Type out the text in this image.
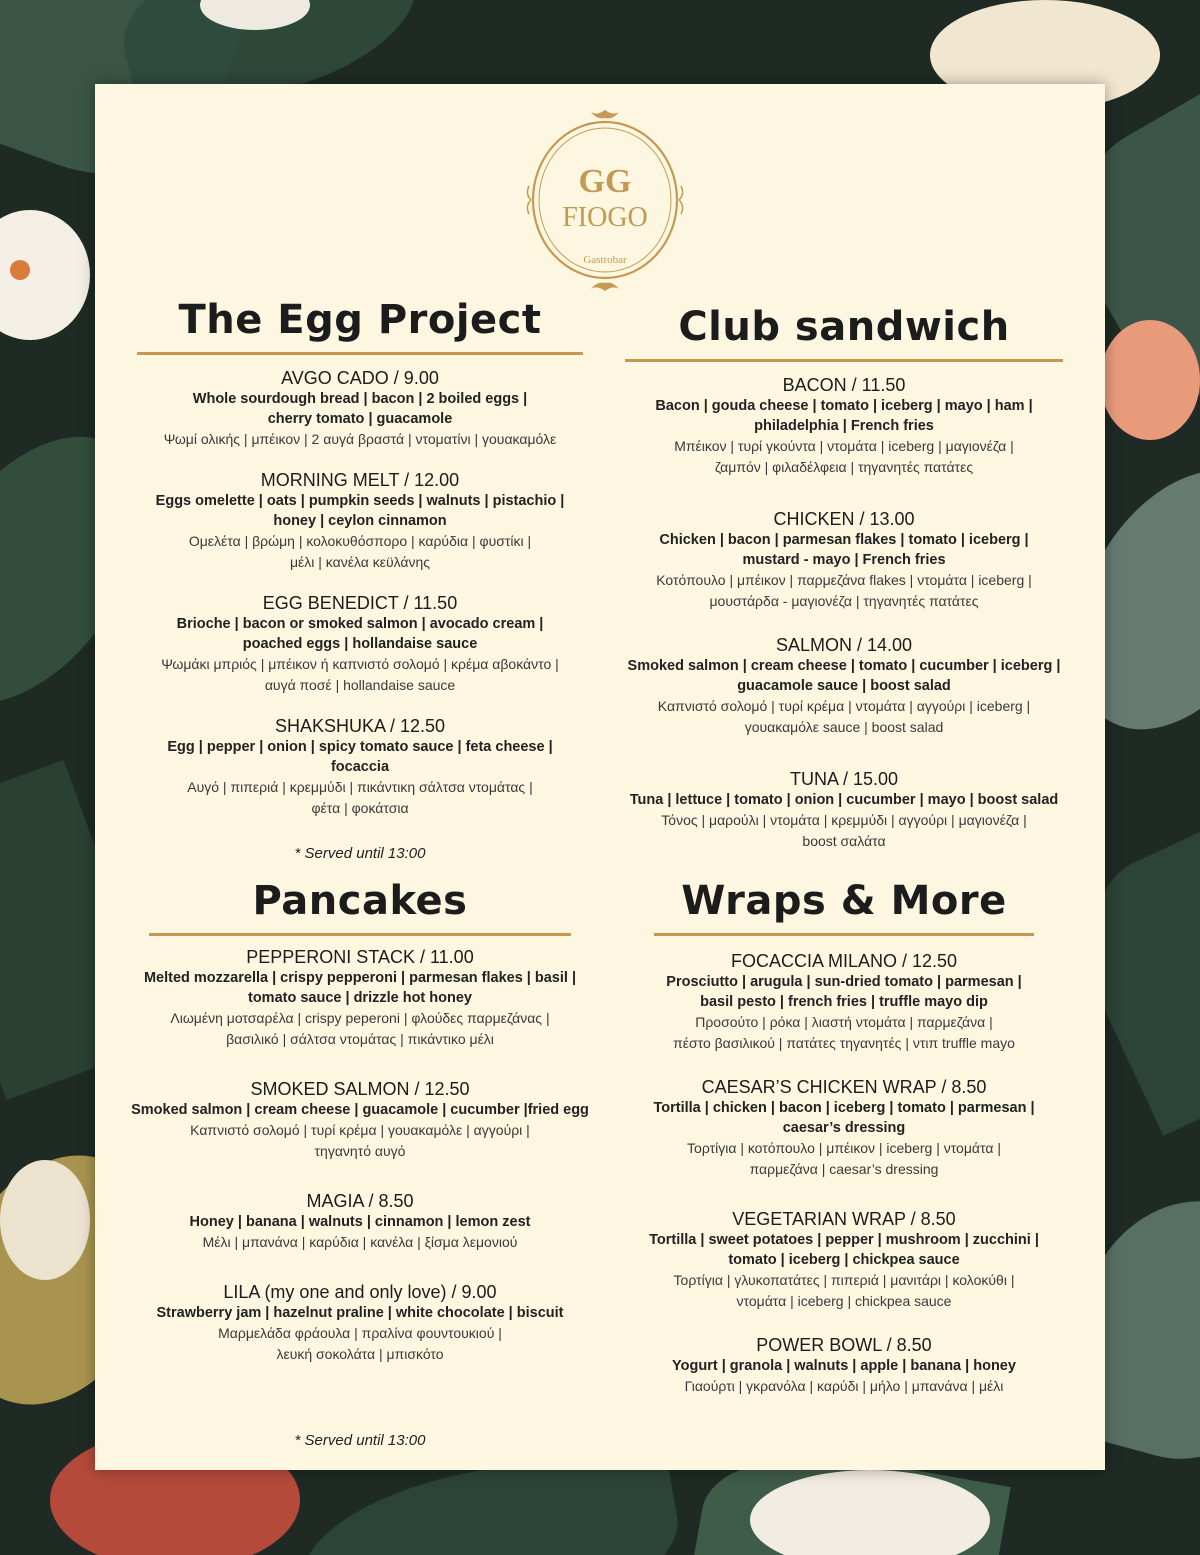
GG
FIOGO
Gastrobar
The Egg Project
AVGO CADO / 9.00
Whole sourdough bread | bacon | 2 boiled eggs |
cherry tomato | guacamole
Ψωμί ολικής | μπέικον | 2 αυγά βραστά | ντοματίνι | γουακαμόλε
MORNING MELT / 12.00
Eggs omelette | oats | pumpkin seeds | walnuts | pistachio |
honey | ceylon cinnamon
Ομελέτα | βρώμη | κολοκυθόσπορο | καρύδια | φυστίκι |
μέλι | κανέλα κεϋλάνης
EGG BENEDICT / 11.50
Brioche | bacon or smoked salmon | avocado cream |
poached eggs | hollandaise sauce
Ψωμάκι μπριός | μπέικον ή καπνιστό σολομό | κρέμα αβοκάντο |
αυγά ποσέ | hollandaise sauce
SHAKSHUKA / 12.50
Egg | pepper | onion | spicy tomato sauce | feta cheese | focaccia
Αυγό | πιπεριά | κρεμμύδι | πικάντικη σάλτσα ντομάτας |
φέτα | φοκάτσια
* Served until 13:00
Club sandwich
BACON / 11.50
Bacon | gouda cheese | tomato | iceberg | mayo | ham |
philadelphia | French fries
Μπέικον | τυρί γκούντα | ντομάτα | iceberg | μαγιονέζα |
ζαμπόν | φιλαδέλφεια | τηγανητές πατάτες
CHICKEN / 13.00
Chicken | bacon | parmesan flakes | tomato | iceberg |
mustard - mayo | French fries
Κοτόπουλο | μπέικον | παρμεζάνα flakes | ντομάτα | iceberg |
μουστάρδα - μαγιονέζα | τηγανητές πατάτες
SALMON / 14.00
Smoked salmon | cream cheese | tomato | cucumber | iceberg |
guacamole sauce | boost salad
Καπνιστό σολομό | τυρί κρέμα | ντομάτα | αγγούρι | iceberg |
γουακαμόλε sauce | boost salad
TUNA / 15.00
Tuna | lettuce | tomato | onion | cucumber | mayo | boost salad
Τόνος | μαρούλι | ντομάτα | κρεμμύδι | αγγούρι | μαγιονέζα |
boost σαλάτα
Pancakes
PEPPERONI STACK / 11.00
Melted mozzarella | crispy pepperoni | parmesan flakes | basil |
tomato sauce | drizzle hot honey
Λιωμένη μοτσαρέλα | crispy peperoni | φλούδες παρμεζάνας |
βασιλικό | σάλτσα ντομάτας | πικάντικο μέλι
SMOKED SALMON / 12.50
Smoked salmon | cream cheese | guacamole | cucumber |fried egg
Καπνιστό σολομό | τυρί κρέμα | γουακαμόλε | αγγούρι |
τηγανητό αυγό
MAGIA / 8.50
Honey | banana | walnuts | cinnamon | lemon zest
Μέλι | μπανάνα | καρύδια | κανέλα | ξίσμα λεμονιού
LILA (my one and only love) / 9.00
Strawberry jam | hazelnut praline | white chocolate | biscuit
Μαρμελάδα φράουλα | πραλίνα φουντουκιού |
λευκή σοκολάτα | μπισκότο
* Served until 13:00
Wraps & More
FOCACCIA MILANO / 12.50
Prosciutto | arugula | sun-dried tomato | parmesan |
basil pesto | french fries | truffle mayo dip
Προσούτο | ρόκα | λιαστή ντομάτα | παρμεζάνα |
πέστο βασιλικού | πατάτες τηγανητές | ντιπ truffle mayo
CAESAR’S CHICKEN WRAP / 8.50
Tortilla | chicken | bacon | iceberg | tomato | parmesan |
caesar’s dressing
Τορτίγια | κοτόπουλο | μπέικον | iceberg | ντομάτα |
παρμεζάνα | caesar’s dressing
VEGETARIAN WRAP / 8.50
Tortilla | sweet potatoes | pepper | mushroom | zucchini |
tomato | iceberg | chickpea sauce
Τορτίγια | γλυκοπατάτες | πιπεριά | μανιτάρι | κολοκύθι |
ντομάτα | iceberg | chickpea sauce
POWER BOWL / 8.50
Yogurt | granola | walnuts | apple | banana | honey
Γιαούρτι | γκρανόλα | καρύδι | μήλο | μπανάνα | μέλι
